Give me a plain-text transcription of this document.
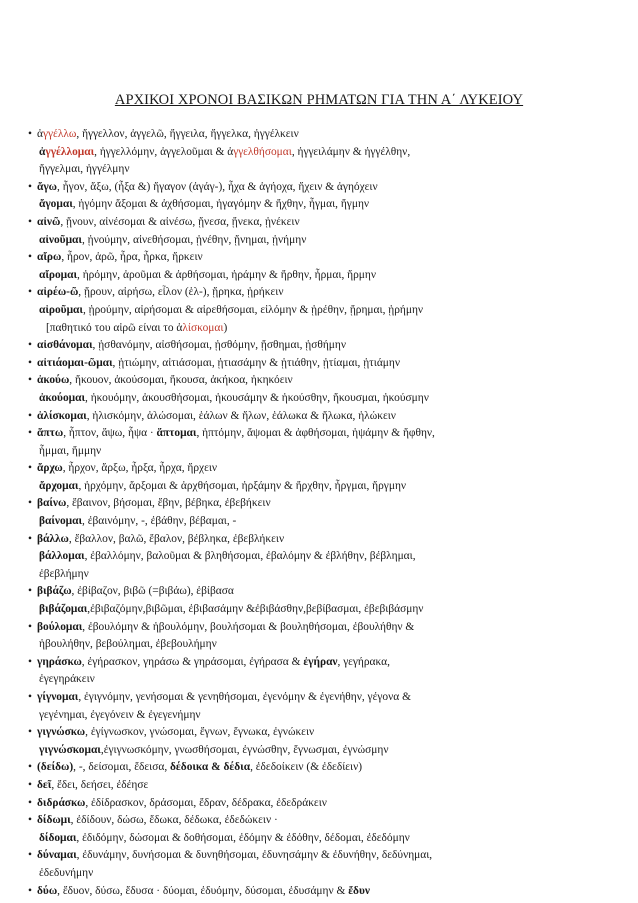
ΑΡΧΙΚΟΙ ΧΡΟΝΟΙ ΒΑΣΙΚΩΝ ΡΗΜΑΤΩΝ ΓΙΑ ΤΗΝ Α΄ ΛΥΚΕΙΟΥ
• ἀγγέλλω, ἤγγελλον, ἀγγελῶ, ἤγγειλα, ἤγγελκα, ἠγγέλκειν
ἀγγέλλομαι, ἠγγελλόμην, ἀγγελοῦμαι & ἀγγελθήσομαι, ἠγγειλάμην & ἠγγέλθην,
ἤγγελμαι, ἠγγέλμην
• ἄγω, ἦγον, ἄξω, (ἦξα &) ἤγαγον (ἀγάγ-), ἦχα & ἀγήοχα, ἤχειν & ἀγηόχειν
ἄγομαι, ἠγόμην ἄξομαι & ἀχθήσομαι, ἠγαγόμην & ἤχθην, ἦγμαι, ἤγμην
• αἰνῶ, ᾔνουν, αἰνέσομαι & αἰνέσω, ᾔνεσα, ᾔνεκα, ᾐνέκειν
αἰνοῦμαι, ᾐνούμην, αἰνεθήσομαι, ᾐνέθην, ᾔνημαι, ᾐνήμην
• αἴρω, ἦρον, ἀρῶ, ἦρα, ἦρκα, ἤρκειν
αἴρομαι, ἠρόμην, ἀροῦμαι & ἀρθήσομαι, ἠράμην & ἤρθην, ἦρμαι, ἤρμην
• αἱρέω-ῶ, ᾕρουν, αἱρήσω, εἷλον (ἑλ-), ᾕρηκα, ᾑρήκειν
αἱροῦμαι, ᾑρούμην, αἱρήσομαι & αἱρεθήσομαι, εἱλόμην & ᾑρέθην, ᾕρημαι, ᾑρήμην
[παθητικό του αἱρῶ είναι το ἁλίσκομαι)
• αἰσθάνομαι, ᾐσθανόμην, αἰσθήσομαι, ᾐσθόμην, ᾔσθημαι, ᾐσθήμην
• αἰτιάομαι-ῶμαι, ᾐτιώμην, αἰτιάσομαι, ᾐτιασάμην & ᾐτιάθην, ᾐτίαμαι, ᾐτιάμην
• ἀκούω, ἤκουον, ἀκούσομαι, ἤκουσα, ἀκήκοα, ἠκηκόειν
ἀκούομαι, ἠκουόμην, ἀκουσθήσομαι, ἠκουσάμην & ἠκούσθην, ἤκουσμαι, ἠκούσμην
• ἁλίσκομαι, ἡλισκόμην, ἁλώσομαι, ἑάλων & ἥλων, ἑάλωκα & ἥλωκα, ἡλώκειν
• ἅπτω, ἧπτον, ἅψω, ἧψα · ἅπτομαι, ἡπτόμην, ἅψομαι & ἁφθήσομαι, ἡψάμην & ἥφθην,
ἧμμαι, ἥμμην
• ἄρχω, ἦρχον, ἄρξω, ἦρξα, ἦρχα, ἤρχειν
ἄρχομαι, ἠρχόμην, ἄρξομαι & ἀρχθήσομαι, ἠρξάμην & ἤρχθην, ἦργμαι, ἤργμην
• βαίνω, ἔβαινον, βήσομαι, ἔβην, βέβηκα, ἐβεβήκειν
βαίνομαι, ἐβαινόμην, -, ἐβάθην, βέβαμαι, -
• βάλλω, ἔβαλλον, βαλῶ, ἔβαλον, βέβληκα, ἐβεβλήκειν
βάλλομαι, ἐβαλλόμην, βαλοῦμαι & βληθήσομαι, ἐβαλόμην & ἐβλήθην, βέβλημαι,
ἐβεβλήμην
• βιβάζω, ἐβίβαζον, βιβῶ (=βιβάω), ἐβίβασα
βιβάζομαι,ἐβιβαζόμην,βιβῶμαι, ἐβιβασάμην &ἐβιβάσθην,βεβίβασμαι, ἐβεβιβάσμην
• βούλομαι, ἐβουλόμην & ἠβουλόμην, βουλήσομαι & βουληθήσομαι, ἐβουλήθην &
ἠβουλήθην, βεβούλημαι, ἐβεβουλήμην
• γηράσκω, ἐγήρασκον, γηράσω & γηράσομαι, ἐγήρασα & ἐγήραν, γεγήρακα,
ἐγεγηράκειν
• γίγνομαι, ἐγιγνόμην, γενήσομαι & γενηθήσομαι, ἐγενόμην & ἐγενήθην, γέγονα &
γεγένημαι, ἐγεγόνειν & ἐγεγενήμην
• γιγνώσκω, ἐγίγνωσκον, γνώσομαι, ἔγνων, ἔγνωκα, ἐγνώκειν
γιγνώσκομαι,ἐγιγνωσκόμην, γνωσθήσομαι, ἐγνώσθην, ἔγνωσμαι, ἐγνώσμην
• (δείδω), -, δείσομαι, ἔδεισα, δέδοικα & δέδια, ἐδεδοίκειν (& ἐδεδίειν)
• δεῖ, ἔδει, δεήσει, ἐδέησε
• διδράσκω, ἐδίδρασκον, δράσομαι, ἔδραν, δέδρακα, ἐδεδράκειν
• δίδωμι, ἐδίδουν, δώσω, ἔδωκα, δέδωκα, ἐδεδώκειν ·
δίδομαι, ἐδιδόμην, δώσομαι & δοθήσομαι, ἐδόμην & ἐδόθην, δέδομαι, ἐδεδόμην
• δύναμαι, ἐδυνάμην, δυνήσομαι & δυνηθήσομαι, ἐδυνησάμην & ἐδυνήθην, δεδύνημαι,
ἐδεδυνήμην
• δύω, ἔδυον, δύσω, ἔδυσα · δύομαι, ἐδυόμην, δύσομαι, ἐδυσάμην & ἔδυν
